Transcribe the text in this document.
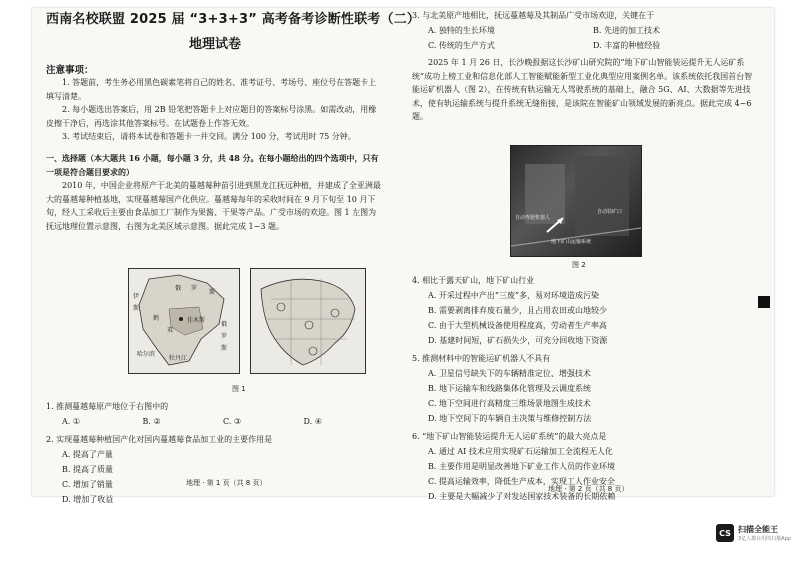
西南名校联盟 2025 届 “3+3+3” 高考备考诊断性联考（二）
地理试卷
注意事项：

1. 答题前，考生务必用黑色碳素笔将自己的姓名、准考证号、考场号、座位号在答题卡上填写清楚。

2. 每小题选出答案后，用 2B 铅笔把答题卡上对应题目的答案标号涂黑。如需改动，用橡皮擦干净后，再选涂其他答案标号。在试题卷上作答无效。

3. 考试结束后，请将本试卷和答题卡一并交回。满分 100 分，考试用时 75 分钟。

一、选择题（本大题共 16 小题，每小题 3 分，共 48 分。在每小题给出的四个选项中，只有一项是符合题目要求的）

2010 年，中国企业将原产于北美的蔓越莓种苗引进到黑龙江抚远种植，并建成了全亚洲最大的蔓越莓种植基地，实现蔓越莓国产化供应。蔓越莓每年的采收时间在 9 月下旬至 10 月下旬，经人工采收后主要由食品加工厂制作为果酱、干果等产品。广受市场的欢迎。图 1 左图为抚远地理位置示意图，右图为北美区域示意图。据此完成 1~3 题。

伊
俄 罗
斯
斯
鹤	佳木斯
双
哈尔滨
牡丹江
俄
罗
斯
图 1
1. 推测蔓越莓原产地位于右图中的
A. ①	B. ②	C. ③	D. ④
2. 实现蔓越莓种植国产化对国内蔓越莓食品加工业的主要作用是
A. 提高了产量
B. 提高了质量
C. 增加了销量
D. 增加了收益
地理 · 第 1 页（共 8 页）
3. 与北美原产地相比，抚远蔓越莓及其制品广受市场欢迎，关键在于
A. 独特的生长环境	B. 先进的加工技术
C. 传统的生产方式	D. 丰富的种植经验

2025 年 1 月 26 日，长沙晚报据这长沙矿山研究院的“地下矿山智能装运提升无人运矿系统”成功上榜工业和信息化部人工智能赋能新型工业化典型应用案例名单。该系统依托我国首台智能运矿机器人（图 2），在传统有轨运输无人驾驶系统的基础上，融合 5G、AI、大数据等先进技术，使有轨运输系统与提升系统无缝衔接，是该院在智能矿山领域发展的新亮点。据此完成 4~6 题。

自动驾驶机器人
自动装矿口
地下矿山运输系统
图 2
4. 相比于露天矿山，地下矿山行业
A. 开采过程中产出“三废”多，易对环境造成污染
B. 需要剥离排弃废石量少，且占用农田或山地较少
C. 由于大型机械设备使用程度高，劳动者生产率高
D. 基建时间短，矿石损失少，可充分回收地下资源
5. 推测材料中的智能运矿机器人不具有
A. 卫星信号缺失下的车辆精准定位、增强技术
B. 地下运输车和线路集体化管理及云调度系统
C. 地下空间进行高精度三维场景地图生成技术
D. 地下空间下的车辆自主决策与维修控制方法
6. “地下矿山智能装运提升无人运矿系统”的最大亮点是
A. 通过 AI 技术应用实现矿石运输加工全流程无人化
B. 主要作用是明显改善地下矿业工作人员的作业环境
C. 提高运输效率，降低生产成本，实现工人作业安全
D. 主要是大幅减少了对发达国家技术装备的长期依赖
地理 · 第 2 页（共 8 页）
CS 扫描全能王
3亿人都在用的扫描App
